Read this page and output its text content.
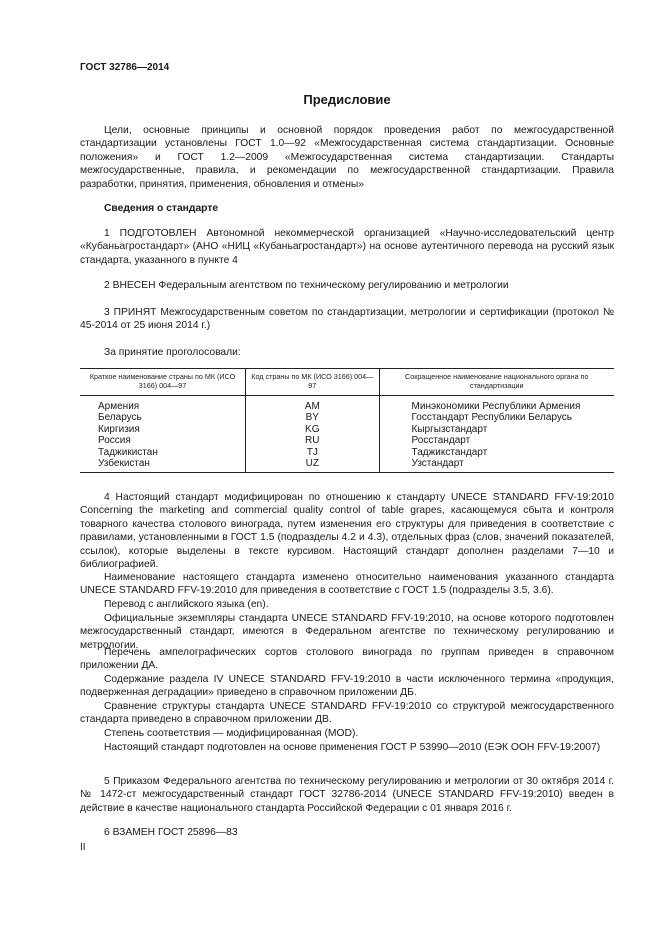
ГОСТ 32786—2014

Предисловие

Цели, основные принципы и основной порядок проведения работ по межгосударственной стандартизации установлены ГОСТ 1.0—92 «Межгосударственная система стандартизации. Основные положения» и ГОСТ 1.2—2009 «Межгосударственная система стандартизации. Стандарты межгосударственные, правила, и рекомендации по межгосударственной стандартизации. Правила разработки, принятия, применения, обновления и отмены»

Сведения о стандарте

1 ПОДГОТОВЛЕН Автономной некоммерческой организацией «Научно-исследовательский центр «Кубаньагростандарт» (АНО «НИЦ «Кубаньагростандарт») на основе аутентичного перевода на русский язык стандарта, указанного в пункте 4

2 ВНЕСЕН Федеральным агентством по техническому регулированию и метрологии

3 ПРИНЯТ Межгосударственным советом по стандартизации, метрологии и сертификации (протокол № 45-2014 от 25 июня 2014 г.)

За принятие проголосовали:

Краткое наименование страны по МК (ИСО 3166) 004—97	Код страны по МК (ИСО 3166) 004—97	Сокращенное наименование национального органа по стандартизации
Армения	AM	Минэкономики Республики Армения
Беларусь	BY	Госстандарт Республики Беларусь
Киргизия	KG	Кыргызстандарт
Россия	RU	Росстандарт
Таджикистан	TJ	Таджикстандарт
Узбекистан	UZ	Узстандарт

4 Настоящий стандарт модифицирован по отношению к стандарту UNECE STANDARD FFV-19:2010 Concerning the marketing and commercial quality control of table grapes, касающемуся сбыта и контроля товарного качества столового винограда, путем изменения его структуры для приведения в соответствие с правилами, установленными в ГОСТ 1.5 (подразделы 4.2 и 4.3), отдельных фраз (слов, значений показателей, ссылок), которые выделены в тексте курсивом. Настоящий стандарт дополнен разделами 7—10 и библиографией.

Наименование настоящего стандарта изменено относительно наименования указанного стандарта UNECE STANDARD FFV-19:2010 для приведения в соответствие с ГОСТ 1.5 (подразделы 3.5, 3.6).

Перевод с английского языка (en).

Официальные экземпляры стандарта UNECE STANDARD FFV-19:2010, на основе которого подготовлен межгосударственный стандарт, имеются в Федеральном агентстве по техническому регулированию и метрологии.

Перечень ампелографических сортов столового винограда по группам приведен в справочном приложении ДА.

Содержание раздела IV UNECE STANDARD FFV-19:2010 в части исключенного термина «продукция, подверженная деградации» приведено в справочном приложении ДБ.

Сравнение структуры стандарта UNECE STANDARD FFV-19:2010 со структурой межгосударственного стандарта приведено в справочном приложении ДВ.

Степень соответствия — модифицированная (MOD).

Настоящий стандарт подготовлен на основе применения ГОСТ Р 53990—2010 (ЕЭК ООН FFV-19:2007)

5 Приказом Федерального агентства по техническому регулированию и метрологии от 30 октября 2014 г. № 1472-ст межгосударственный стандарт ГОСТ 32786-2014 (UNECE STANDARD FFV-19:2010) введен в действие в качестве национального стандарта Российской Федерации с 01 января 2016 г.

6 ВЗАМЕН ГОСТ 25896—83

II
